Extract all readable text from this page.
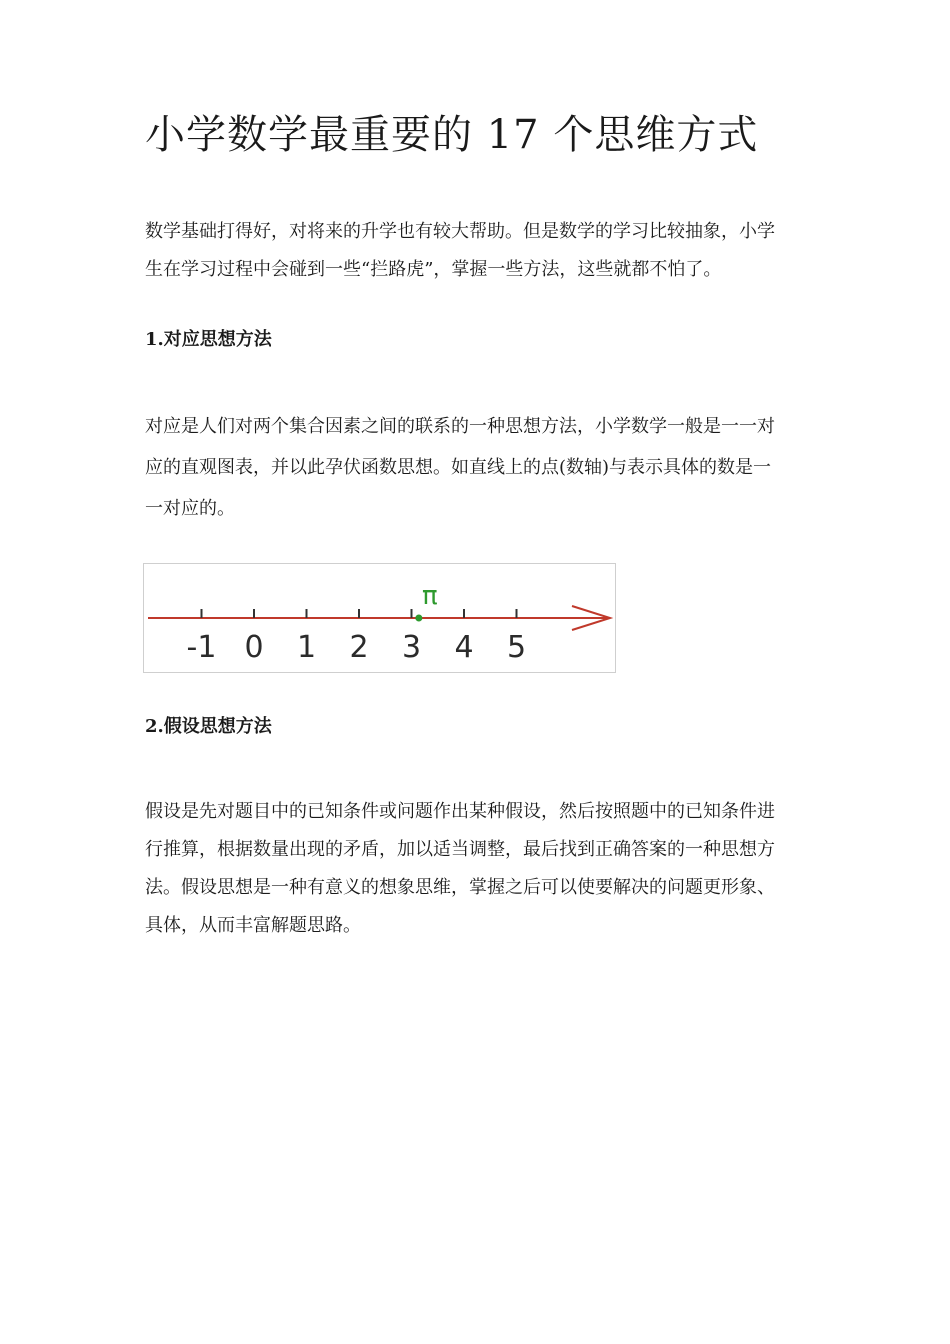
小学数学最重要的 17 个思维方式

数学基础打得好，对将来的升学也有较大帮助。但是数学的学习比较抽象，小学
生在学习过程中会碰到一些“拦路虎”，掌握一些方法，这些就都不怕了。

1.对应思想方法

对应是人们对两个集合因素之间的联系的一种思想方法，小学数学一般是一一对
应的直观图表，并以此孕伏函数思想。如直线上的点(数轴)与表示具体的数是一
一对应的。

-1 0 1 2 3 4 5
π
2.假设思想方法

假设是先对题目中的已知条件或问题作出某种假设，然后按照题中的已知条件进
行推算，根据数量出现的矛盾，加以适当调整，最后找到正确答案的一种思想方
法。假设思想是一种有意义的想象思维，掌握之后可以使要解决的问题更形象、
具体，从而丰富解题思路。
